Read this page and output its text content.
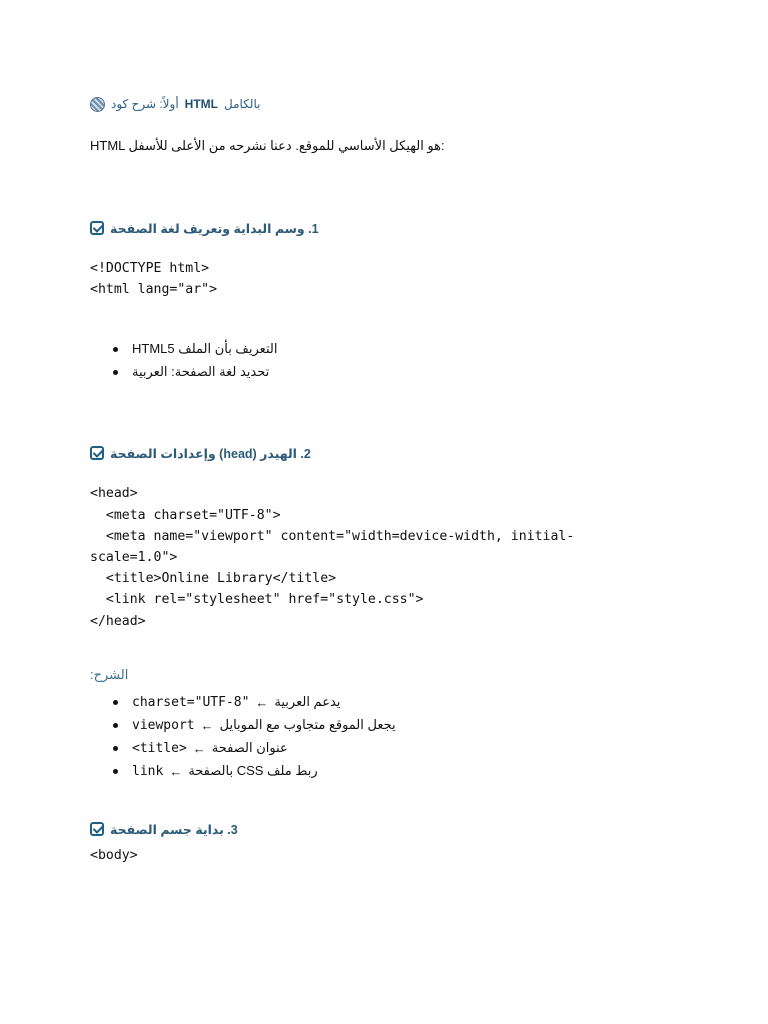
أولاً: شرح كود HTML بالكامل
HTML هو الهيكل الأساسي للموقع. دعنا نشرحه من الأعلى للأسفل:
1. وسم البداية وتعريف لغة الصفحة
<!DOCTYPE html>
<html lang="ar">
التعريف بأن الملف HTML5
تحديد لغة الصفحة: العربية
2. الهيدر (head) وإعدادات الصفحة
<head>
<meta charset="UTF-8">
<meta name="viewport" content="width=device-width, initial-
scale=1.0">
<title>Online Library</title>
<link rel="stylesheet" href="style.css">
</head>
الشرح:
charset="UTF-8" ← يدعم العربية
viewport ← يجعل الموقع متجاوب مع الموبايل
<title> ← عنوان الصفحة
link ← ربط ملف CSS بالصفحة
3. بداية جسم الصفحة
<body>
